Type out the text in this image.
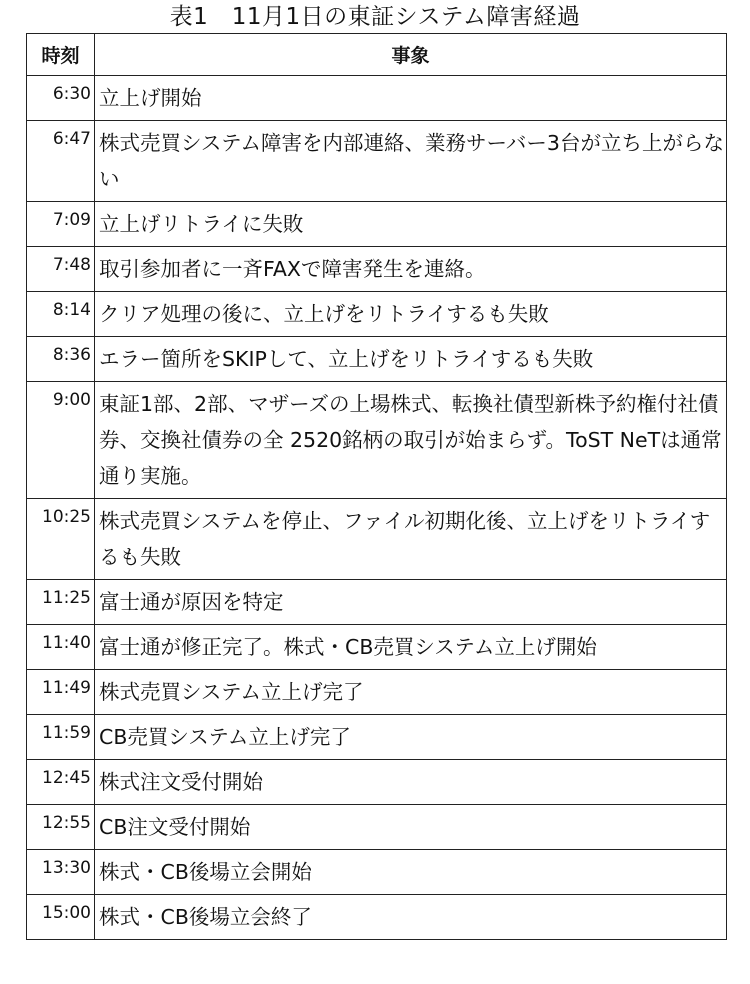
表1　11月1日の東証システム障害経過
時刻	事象
6:30	立上げ開始
6:47	株式売買システム障害を内部連絡、業務サーバー3台が立ち上がらない
7:09	立上げリトライに失敗
7:48	取引参加者に一斉FAXで障害発生を連絡。
8:14	クリア処理の後に、立上げをリトライするも失敗
8:36	エラー箇所をSKIPして、立上げをリトライするも失敗
9:00	東証1部、2部、マザーズの上場株式、転換社債型新株予約権付社債券、交換社債券の全 2520銘柄の取引が始まらず。ToST NeTは通常通り実施。
10:25	株式売買システムを停止、ファイル初期化後、立上げをリトライするも失敗
11:25	富士通が原因を特定
11:40	富士通が修正完了。株式・CB売買システム立上げ開始
11:49	株式売買システム立上げ完了
11:59	CB売買システム立上げ完了
12:45	株式注文受付開始
12:55	CB注文受付開始
13:30	株式・CB後場立会開始
15:00	株式・CB後場立会終了
